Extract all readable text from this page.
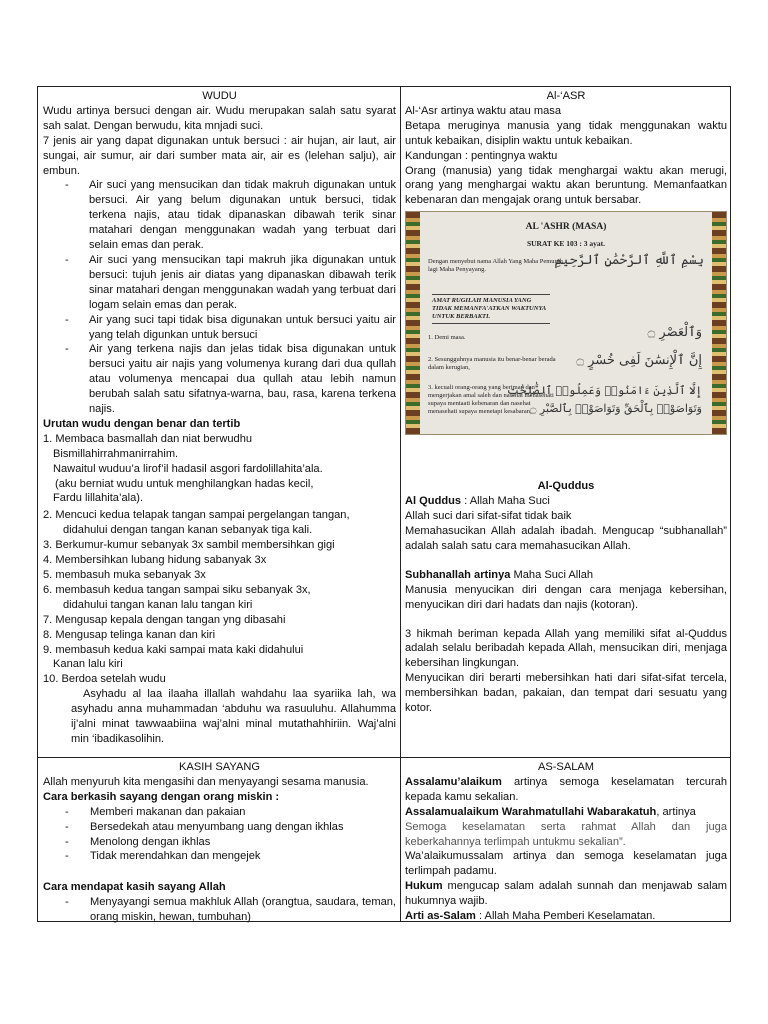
WUDU

Wudu artinya bersuci dengan air. Wudu merupakan salah satu syarat sah salat. Dengan berwudu, kita mnjadi suci.

7 jenis air yang dapat digunakan untuk bersuci : air hujan, air laut, air sungai, air sumur, air dari sumber mata air, air es (lelehan salju), air embun.

- Air suci yang mensucikan dan tidak makruh digunakan untuk bersuci. Air yang belum digunakan untuk bersuci, tidak terkena najis, atau tidak dipanaskan dibawah terik sinar matahari dengan menggunakan wadah yang terbuat dari selain emas dan perak.
- Air suci yang mensucikan tapi makruh jika digunakan untuk bersuci: tujuh jenis air diatas yang dipanaskan dibawah terik sinar matahari dengan menggunakan wadah yang terbuat dari logam selain emas dan perak.
- Air yang suci tapi tidak bisa digunakan untuk bersuci yaitu air yang telah digunkan untuk bersuci
- Air yang terkena najis dan jelas tidak bisa digunakan untuk bersuci yaitu air najis yang volumenya kurang dari dua qullah atau volumenya mencapai dua qullah atau lebih namun berubah salah satu sifatnya-warna, bau, rasa, karena terkena najis.

Urutan wudu dengan benar dan tertib

1. Membaca basmallah dan niat berwudhu

Bismillahirrahmanirrahim.

Nawaitul wuduu’a lirof’il hadasil asgori fardolillahita’ala.

(aku berniat wudu untuk menghilangkan hadas kecil,

Fardu lillahita’ala).

2. Mencuci kedua telapak tangan sampai pergelangan tangan,

didahului dengan tangan kanan sebanyak tiga kali.

3. Berkumur-kumur sebanyak 3x sambil membersihkan gigi

4. Membersihkan lubang hidung sabanyak 3x

5. membasuh muka sebanyak 3x

6. membasuh kedua tangan sampai siku sebanyak 3x,

didahului tangan kanan lalu tangan kiri

7. Mengusap kepala dengan tangan yng dibasahi

8. Mengusap telinga kanan dan kiri

9. membasuh kedua kaki sampai mata kaki didahului

Kanan lalu kiri

10. Berdoa setelah wudu

Asyhadu al laa ilaaha illallah wahdahu laa syariika lah, wa asyhadu anna muhammadan ‘abduhu wa rasuuluhu. Allahumma ij’alni minat tawwaabiina waj’alni minal mutathahhiriin. Waj’alni min ‘ibadikasolihin.

Al-‘ASR

Al-‘Asr artinya waktu atau masa

Betapa meruginya manusia yang tidak menggunakan waktu untuk kebaikan, disiplin waktu untuk kebaikan.

Kandungan : pentingnya waktu

Orang (manusia) yang tidak menghargai waktu akan merugi, orang yang menghargai waktu akan beruntung. Memanfaatkan kebenaran dan mengajak orang untuk bersabar.

AL 'ASHR (MASA)
SURAT KE 103 : 3 ayat.
Dengan menyebut nama Allah Yang Maha Pemurah lagi Maha Penyayang.
بِسْمِ ٱللَّهِ ٱلرَّحْمَٰنِ ٱلرَّحِيمِ
AMAT RUGILAH MANUSIA YANG TIDAK MEMANFA'ATKAN WAKTUNYA UNTUK BERBAKTI.
1. Demi masa.	وَٱلْعَصْرِ ۝
2. Sesungguhnya manusia itu benar-benar berada dalam kerugian,	إِنَّ ٱلْإِنسَٰنَ لَفِى خُسْرٍ ۝
3. kecuali orang-orang yang beriman dan mengerjakan amal saleh dan nasehat menasehati supaya mentaati kebenaran dan nasehat menasehati supaya menetapi kesabaran,
إِلَّا ٱلَّذِينَ ءَامَنُوا۟ وَعَمِلُوا۟ ٱلصَّٰلِحَٰتِ
وَتَوَاصَوْا۟ بِٱلْحَقِّ وَتَوَاصَوْا۟ بِٱلصَّبْرِ ۝

Al-Quddus

Al Quddus : Allah Maha Suci

Allah suci dari sifat-sifat tidak baik

Memahasucikan Allah adalah ibadah. Mengucap “subhanallah” adalah salah satu cara memahasucikan Allah.

Subhanallah artinya Maha Suci Allah

Manusia menyucikan diri dengan cara menjaga kebersihan, menyucikan diri dari hadats dan najis (kotoran).

3 hikmah beriman kepada Allah yang memiliki sifat al-Quddus adalah selalu beribadah kepada Allah, mensucikan diri, menjaga kebersihan lingkungan.

Menyucikan diri berarti mebersihkan hati dari sifat-sifat tercela, membersihkan badan, pakaian, dan tempat dari sesuatu yang kotor.

KASIH SAYANG

Allah menyuruh kita mengasihi dan menyayangi sesama manusia.

Cara berkasih sayang dengan orang miskin :

- Memberi makanan dan pakaian
- Bersedekah atau menyumbang uang dengan ikhlas
- Menolong dengan ikhlas
- Tidak merendahkan dan mengejek

Cara mendapat kasih sayang Allah

- Menyayangi semua makhluk Allah (orangtua, saudara, teman, orang miskin, hewan, tumbuhan)

AS-SALAM

Assalamu’alaikum artinya semoga keselamatan tercurah kepada kamu sekalian.

Assalamualaikum Warahmatullahi Wabarakatuh, artinya

Semoga keselamatan serta rahmat Allah dan juga keberkahannya terlimpah untukmu sekalian”.

Wa’alaikumussalam artinya dan semoga keselamatan juga terlimpah padamu.

Hukum mengucap salam adalah sunnah dan menjawab salam hukumnya wajib.

Arti as-Salam : Allah Maha Pemberi Keselamatan.
